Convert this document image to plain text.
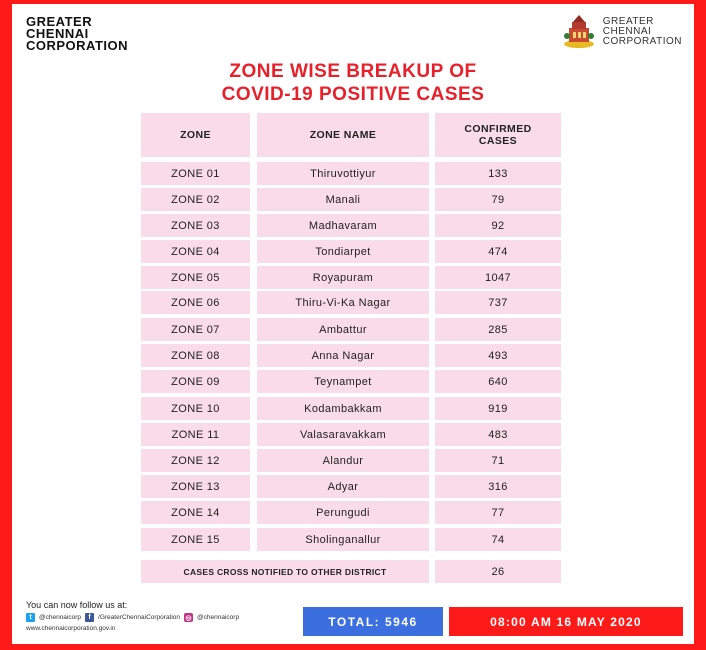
GREATER
CHENNAI
CORPORATION
GREATER
CHENNAI
CORPORATION
ZONE WISE BREAKUP OF
COVID-19 POSITIVE CASES
ZONE	ZONE NAME	CONFIRMED CASES
ZONE 01	Thiruvottiyur	133
ZONE 02	Manali	79
ZONE 03	Madhavaram	92
ZONE 04	Tondiarpet	474
ZONE 05	Royapuram	1047
ZONE 06	Thiru-Vi-Ka Nagar	737
ZONE 07	Ambattur	285
ZONE 08	Anna Nagar	493
ZONE 09	Teynampet	640
ZONE 10	Kodambakkam	919
ZONE 11	Valasaravakkam	483
ZONE 12	Alandur	71
ZONE 13	Adyar	316
ZONE 14	Perungudi	77
ZONE 15	Sholinganallur	74
CASES CROSS NOTIFIED TO OTHER DISTRICT	26
You can now follow us at:
t	@chennaicorp	f	/GreaterChennaiCorporation ◎ @chennaicorp
www.chennaicorporation.gov.in	TOTAL: 5946	08:00 AM 16 MAY 2020
